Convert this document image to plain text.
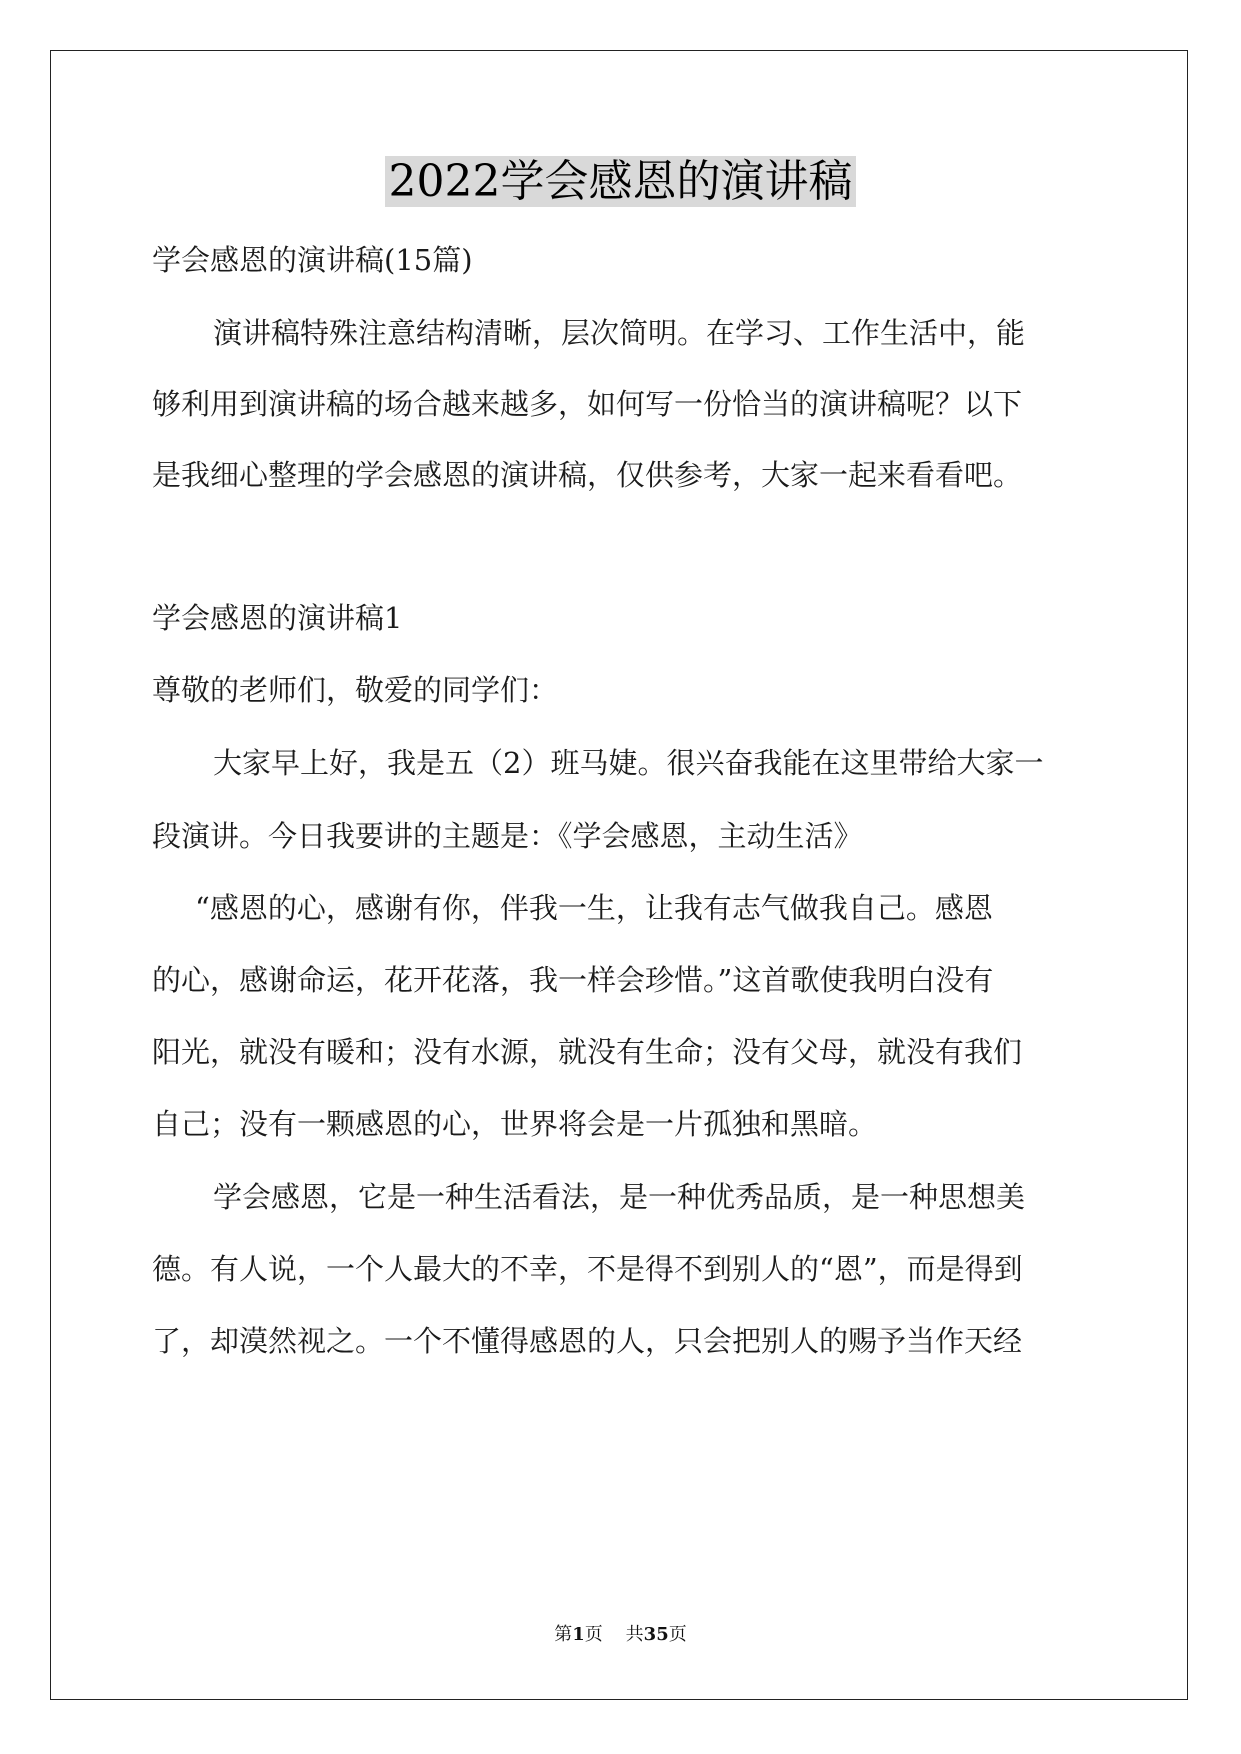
2022学会感恩的演讲稿
学会感恩的演讲稿(15篇)
演讲稿特殊注意结构清晰，层次简明。在学习、工作生活中，能
够利用到演讲稿的场合越来越多，如何写一份恰当的演讲稿呢？以下
是我细心整理的学会感恩的演讲稿，仅供参考，大家一起来看看吧。
学会感恩的演讲稿1
尊敬的老师们，敬爱的同学们：
大家早上好，我是五（2）班马婕。很兴奋我能在这里带给大家一
段演讲。今日我要讲的主题是：《学会感恩，主动生活》
“感恩的心，感谢有你，伴我一生，让我有志气做我自己。感恩
的心，感谢命运，花开花落，我一样会珍惜。”这首歌使我明白没有
阳光，就没有暖和；没有水源，就没有生命；没有父母，就没有我们
自己；没有一颗感恩的心，世界将会是一片孤独和黑暗。
学会感恩，它是一种生活看法，是一种优秀品质，是一种思想美
德。有人说，一个人最大的不幸，不是得不到别人的“恩”，而是得到
了，却漠然视之。一个不懂得感恩的人，只会把别人的赐予当作天经
第1页 共35页
